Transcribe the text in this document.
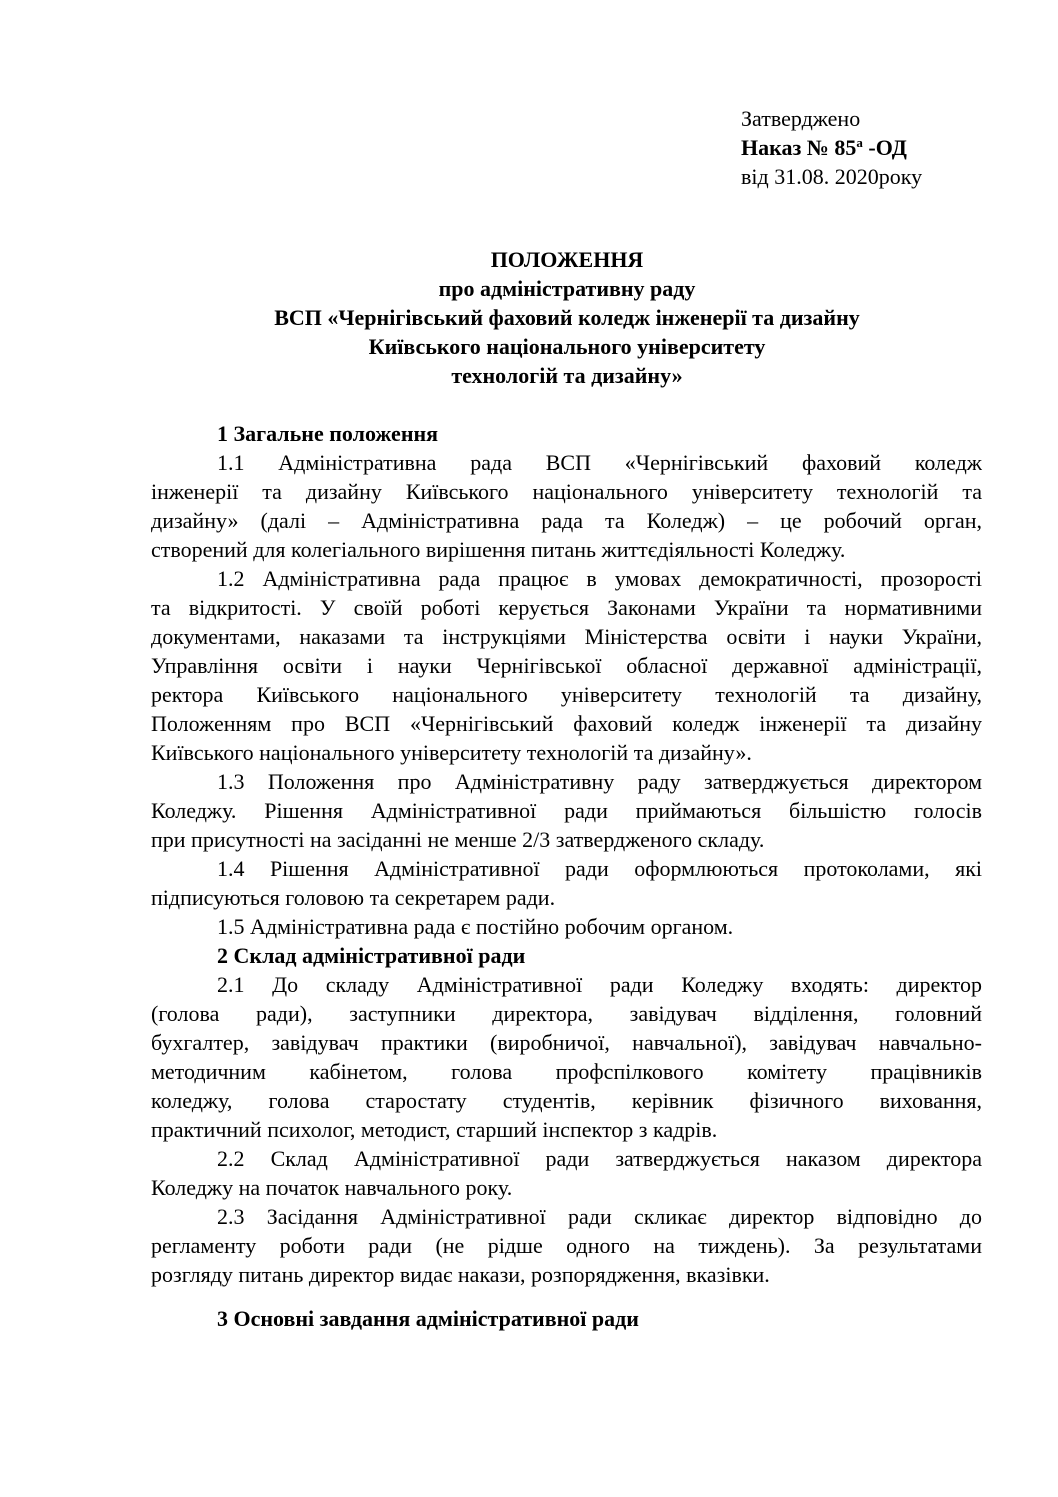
Затверджено
Наказ № $85^а$ -ОД
від 31.08. 2020року
ПОЛОЖЕННЯ
про адміністративну раду
ВСП «Чернігівський фаховий коледж інженерії та дизайну
Київського національного університету
технологій та дизайну»
1 Загальне положення
1.1 Адміністративна рада ВСП «Чернігівський фаховий коледж
інженерії та дизайну Київського національного університету технологій та
дизайну» (далі – Адміністративна рада та Коледж) – це робочий орган,
створений для колегіального вирішення питань життєдіяльності Коледжу.
1.2 Адміністративна рада працює в умовах демократичності, прозорості
та відкритості. У своїй роботі керується Законами України та нормативними
документами, наказами та інструкціями Міністерства освіти і науки України,
Управління освіти і науки Чернігівської обласної державної адміністрації,
ректора Київського національного університету технологій та дизайну,
Положенням про ВСП «Чернігівський фаховий коледж інженерії та дизайну
Київського національного університету технологій та дизайну».
1.3 Положення про Адміністративну раду затверджується директором
Коледжу. Рішення Адміністративної ради приймаються більшістю голосів
при присутності на засіданні не менше 2/3 затвердженого складу.
1.4 Рішення Адміністративної ради оформлюються протоколами, які
підписуються головою та секретарем ради.
1.5 Адміністративна рада є постійно робочим органом.
2 Склад адміністративної ради
2.1 До складу Адміністративної ради Коледжу входять: директор
(голова ради), заступники директора, завідувач відділення, головний
бухгалтер, завідувач практики (виробничої, навчальної), завідувач навчально-
методичним кабінетом, голова профспілкового комітету працівників
коледжу, голова старостату студентів, керівник фізичного виховання,
практичний психолог, методист, старший інспектор з кадрів.
2.2 Склад Адміністративної ради затверджується наказом директора
Коледжу на початок навчального року.
2.3 Засідання Адміністративної ради скликає директор відповідно до
регламенту роботи ради (не рідше одного на тиждень). За результатами
розгляду питань директор видає накази, розпорядження, вказівки.
3 Основні завдання адміністративної ради
